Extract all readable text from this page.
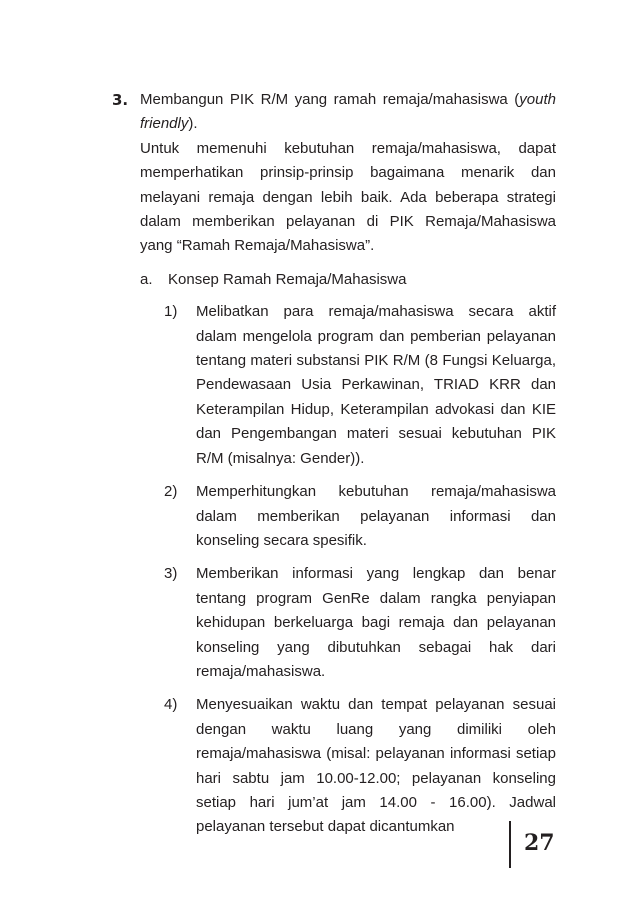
3. Membangun PIK R/M yang ramah remaja/mahasiswa (youth friendly).

Untuk memenuhi kebutuhan remaja/mahasiswa, dapat memperhatikan prinsip-prinsip bagaimana menarik dan melayani remaja dengan lebih baik. Ada beberapa strategi dalam memberikan pelayanan di PIK Remaja/Mahasiswa yang “Ramah Remaja/Mahasiswa”.

a. Konsep Ramah Remaja/Mahasiswa

1) Melibatkan para remaja/mahasiswa secara aktif dalam mengelola program dan pemberian pelayanan tentang materi substansi PIK R/M (8 Fungsi Keluarga, Pendewasaan Usia Perkawinan, TRIAD KRR dan Keterampilan Hidup, Keterampilan advokasi dan KIE dan Pengembangan materi sesuai kebutuhan PIK R/M (misalnya: Gender)).

2) Memperhitungkan kebutuhan remaja/mahasiswa dalam memberikan pelayanan informasi dan konseling secara spesifik.

3) Memberikan informasi yang lengkap dan benar tentang program GenRe dalam rangka penyiapan kehidupan berkeluarga bagi remaja dan pelayanan konseling yang dibutuhkan sebagai hak dari remaja/mahasiswa.

4) Menyesuaikan waktu dan tempat pelayanan sesuai dengan waktu luang yang dimiliki oleh remaja/mahasiswa (misal: pelayanan informasi setiap hari sabtu jam 10.00-12.00; pelayanan konseling setiap hari jum’at jam 14.00 - 16.00). Jadwal pelayanan tersebut dapat dicantumkan

27
